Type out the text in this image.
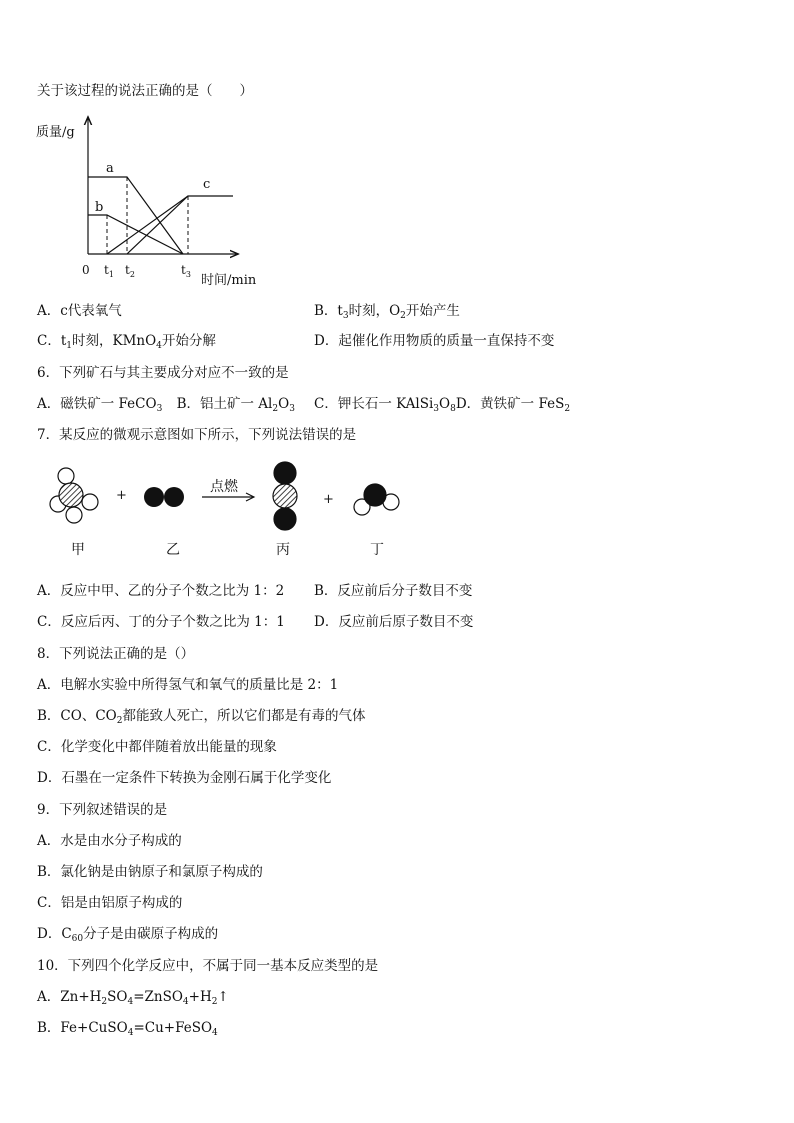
关于该过程的说法正确的是（　　）
质量/g
时间/min
0 $t_1$ $t_2$	$t_3$
a
b
c
A．c代表氧气	B．$t_3$时刻，$O_2$开始产生
C．$t_1$时刻，KMnO$_4$开始分解	D．起催化作用物质的质量一直保持不变
6．下列矿石与其主要成分对应不一致的是
A．磁铁矿一 FeCO$_3$ B．铝土矿一 $Al_2O_3$ C．钾长石一 $KAlSi_3O_8D$．黄铁矿一 FeS$_2$
7．某反应的微观示意图如下所示，下列说法错误的是
+
点燃
+
甲	乙	丙	丁
A．反应中甲、乙的分子个数之比为 1：2 B．反应前后分子数目不变
C．反应后丙、丁的分子个数之比为 1：1 D．反应前后原子数目不变
8．下列说法正确的是（）
A．电解水实验中所得氢气和氧气的质量比是 2：1
B．CO、$CO_2$都能致人死亡，所以它们都是有毒的气体
C．化学变化中都伴随着放出能量的现象
D．石墨在一定条件下转换为金刚石属于化学变化
9．下列叙述错误的是
A．水是由水分子构成的
B．氯化钠是由钠原子和氯原子构成的
C．铝是由铝原子构成的
D．$C_{60}$分子是由碳原子构成的
10．下列四个化学反应中，不属于同一基本反应类型的是
A．$Zn+H_2SO_4=ZnSO_4+H_2↑$
B．Fe+CuSO$_4$=Cu+FeSO$_4$
